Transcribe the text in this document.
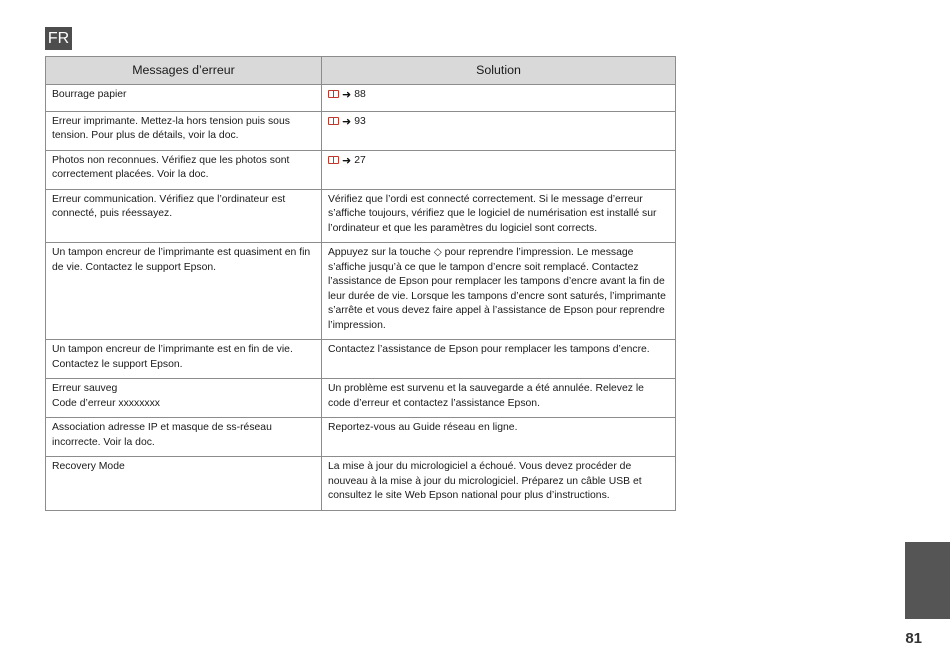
FR
Messages d’erreur	Solution
Bourrage papier	➜ 88

Erreur imprimante. Mettez-la hors tension puis sous tension. Pour plus de détails, voir la doc.	➜ 93

Photos non reconnues. Vérifiez que les photos sont correctement placées. Voir la doc.	➜ 27

Erreur communication. Vérifiez que l’ordinateur est connecté, puis réessayez.	Vérifiez que l’ordi est connecté correctement. Si le message d’erreur s’affiche toujours, vérifiez que le logiciel de numérisation est installé sur l’ordinateur et que les paramètres du logiciel sont corrects.
Un tampon encreur de l’imprimante est quasiment en fin de vie. Contactez le support Epson.	Appuyez sur la touche ◇ pour reprendre l’impression. Le message s’affiche jusqu’à ce que le tampon d’encre soit remplacé. Contactez l’assistance de Epson pour remplacer les tampons d’encre avant la fin de leur durée de vie. Lorsque les tampons d’encre sont saturés, l’imprimante s’arrête et vous devez faire appel à l’assistance de Epson pour reprendre l’impression.
Un tampon encreur de l’imprimante est en fin de vie. Contactez le support Epson.	Contactez l’assistance de Epson pour remplacer les tampons d’encre.
Erreur sauveg
Code d’erreur xxxxxxxx	Un problème est survenu et la sauvegarde a été annulée. Relevez le code d’erreur et contactez l’assistance Epson.
Association adresse IP et masque de ss-réseau incorrecte. Voir la doc.	Reportez-vous au Guide réseau en ligne.
Recovery Mode	La mise à jour du micrologiciel a échoué. Vous devez procéder de nouveau à la mise à jour du micrologiciel. Préparez un câble USB et consultez le site Web Epson national pour plus d’instructions.
81
